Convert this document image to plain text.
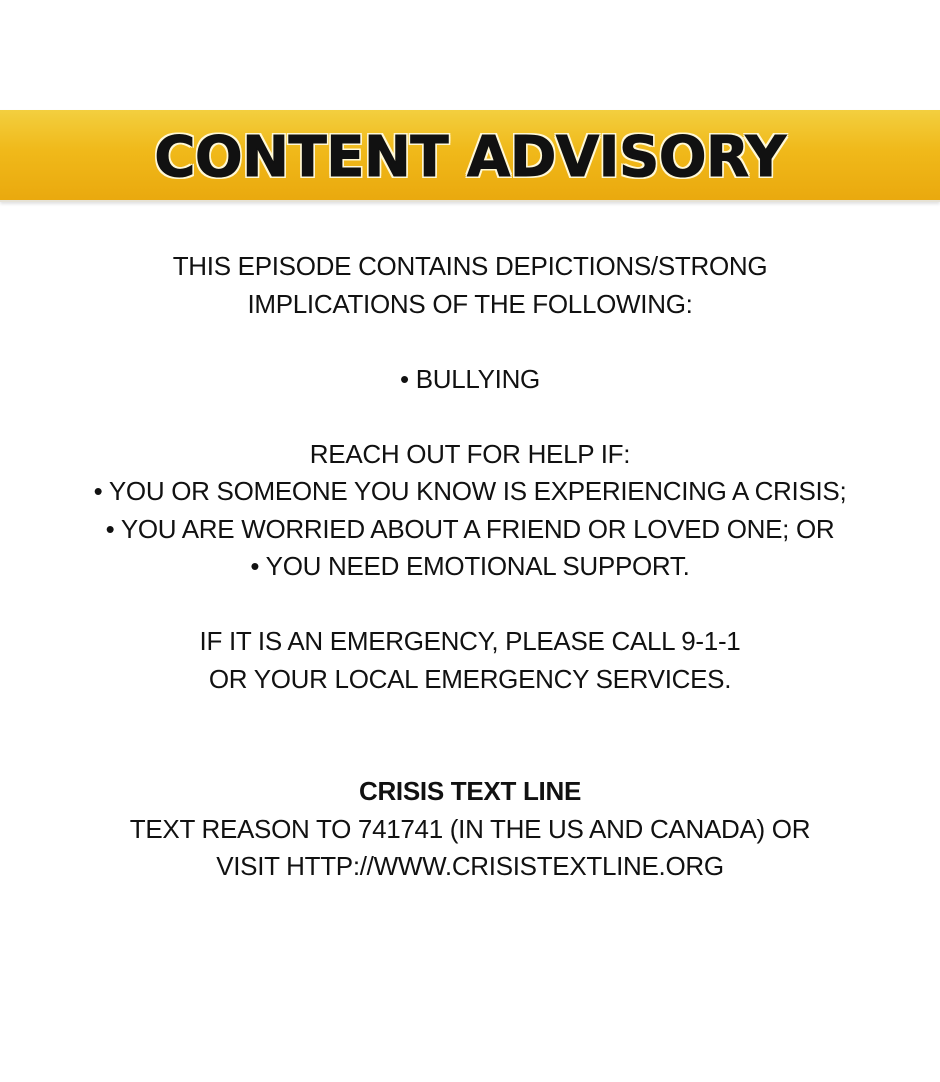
CONTENT ADVISORY
THIS EPISODE CONTAINS DEPICTIONS/STRONG
IMPLICATIONS OF THE FOLLOWING:
• BULLYING
REACH OUT FOR HELP IF:
• YOU OR SOMEONE YOU KNOW IS EXPERIENCING A CRISIS;
• YOU ARE WORRIED ABOUT A FRIEND OR LOVED ONE; OR
• YOU NEED EMOTIONAL SUPPORT.
IF IT IS AN EMERGENCY, PLEASE CALL 9-1-1
OR YOUR LOCAL EMERGENCY SERVICES.
CRISIS TEXT LINE
TEXT REASON TO 741741 (IN THE US AND CANADA) OR
VISIT HTTP://WWW.CRISISTEXTLINE.ORG
